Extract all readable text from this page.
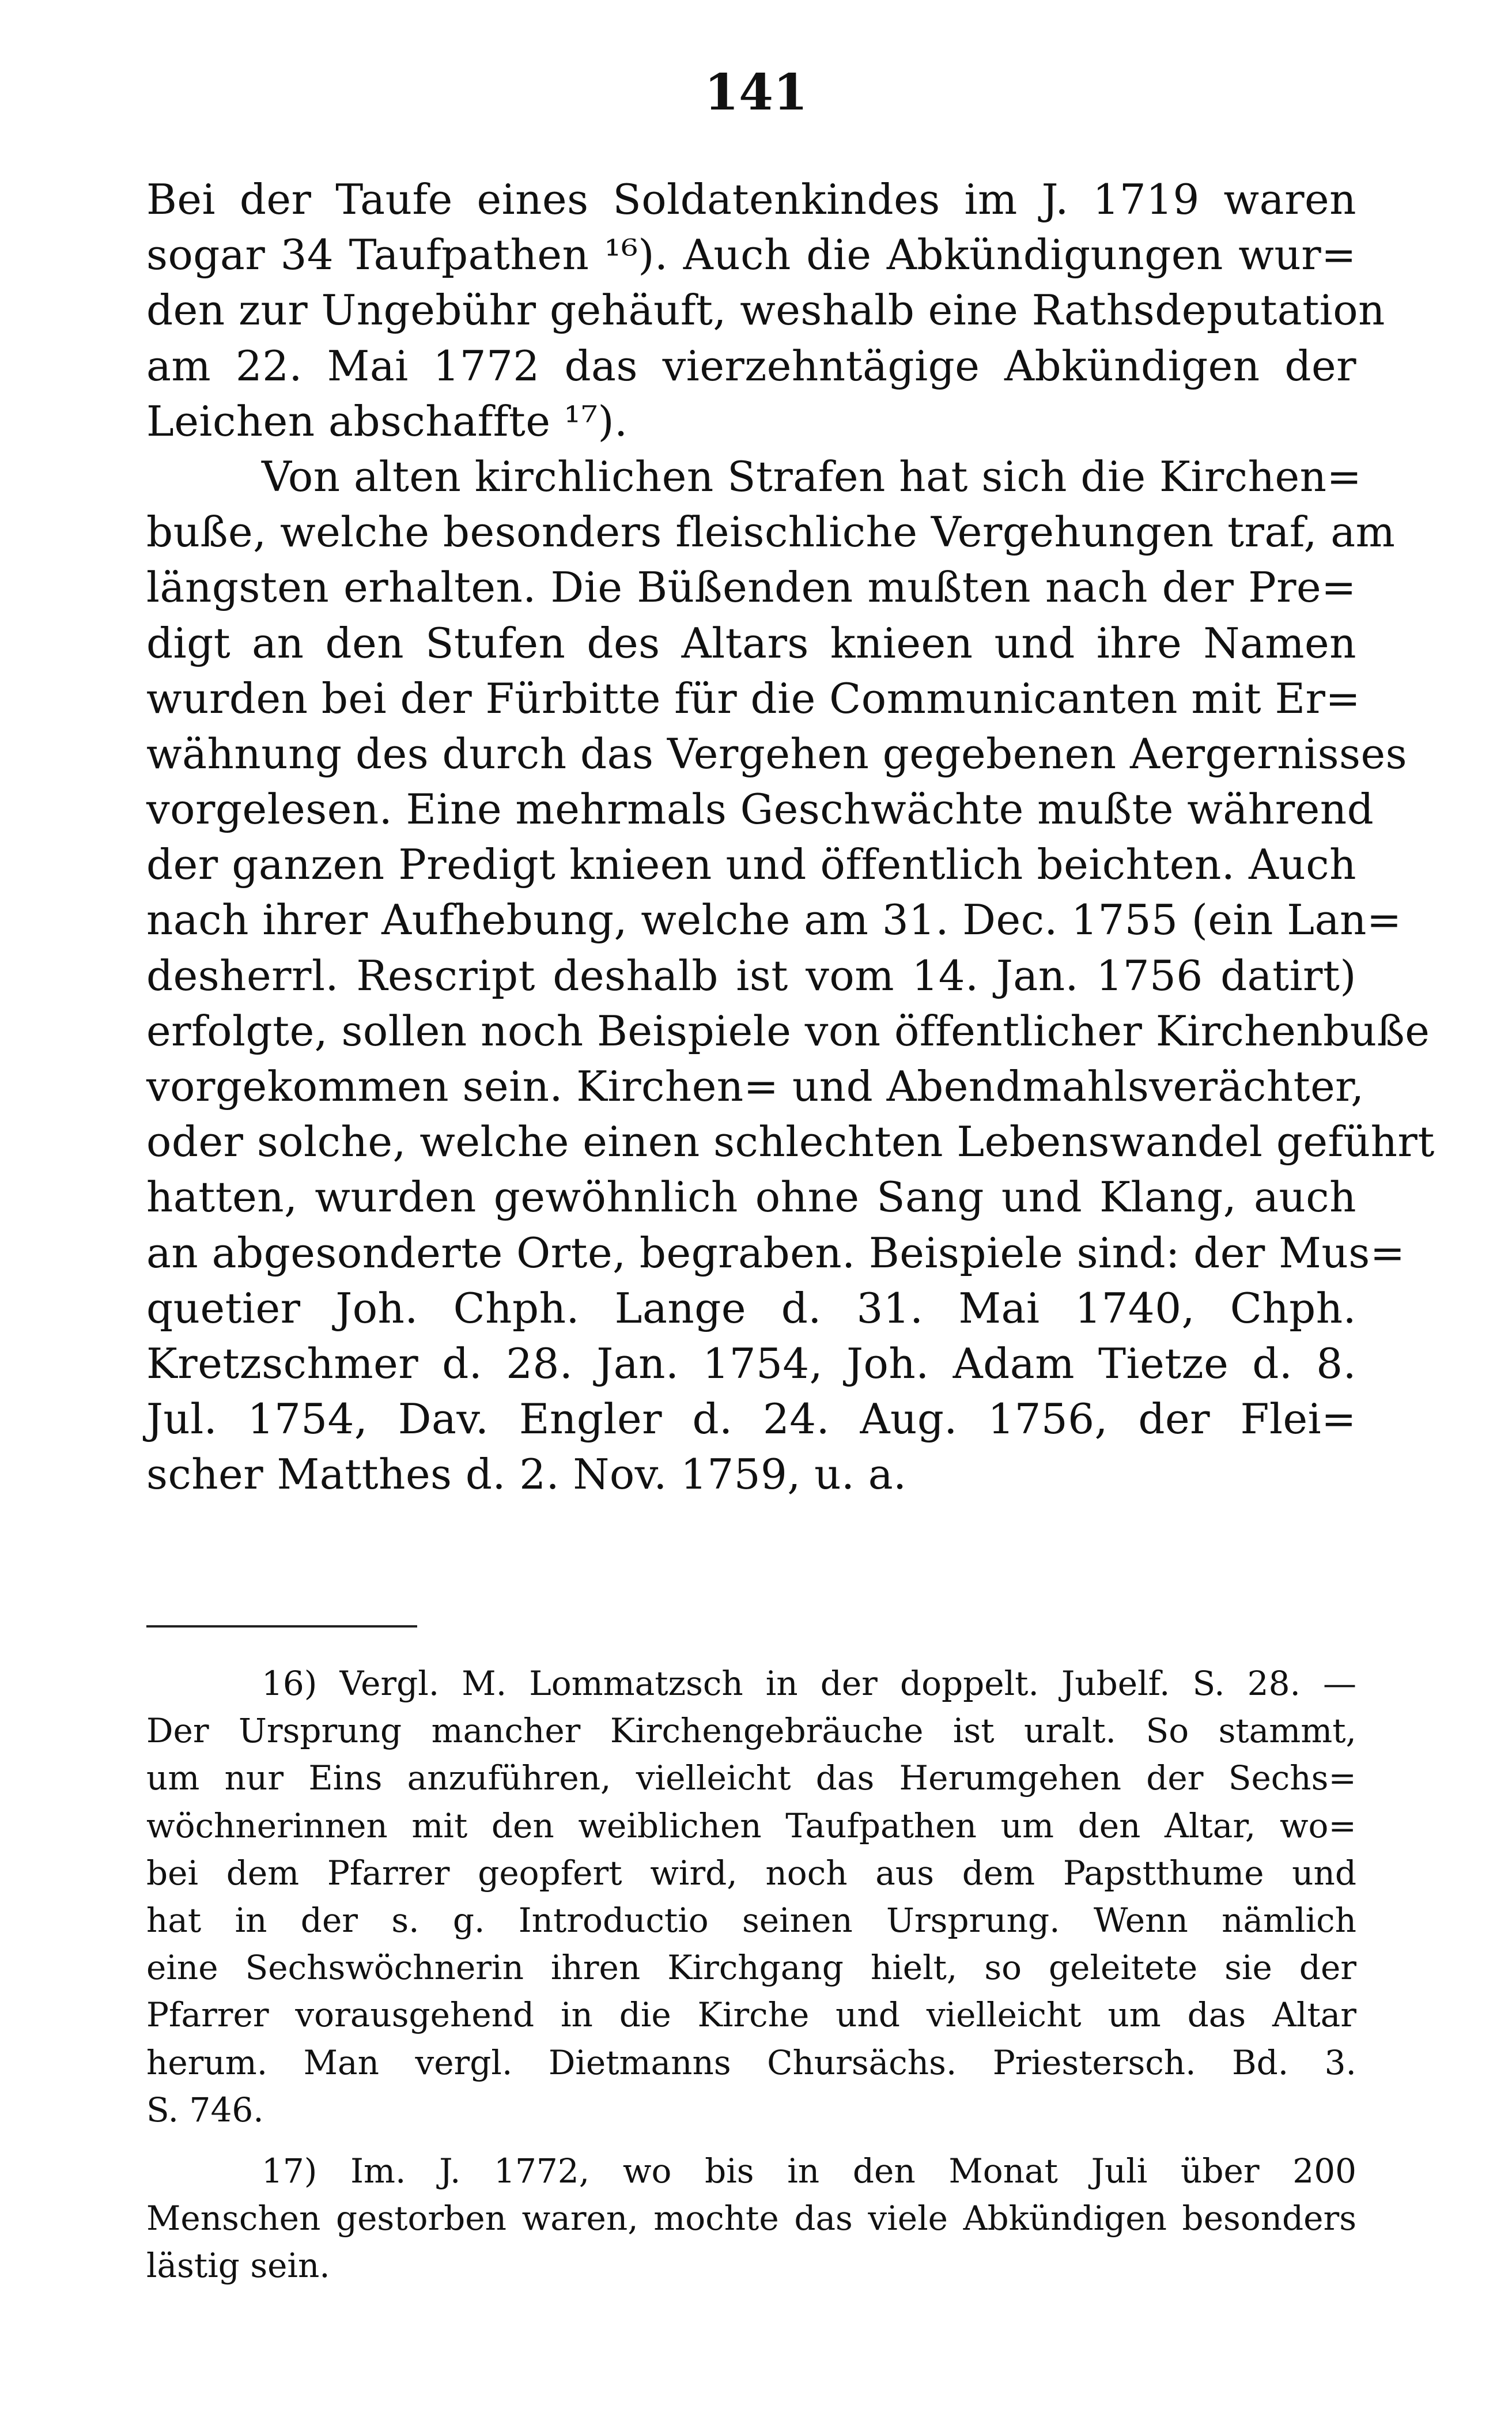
141
Bei der Taufe eines Soldatenkindes im J. 1719 waren
sogar 34 Taufpathen ¹⁶). Auch die Abkündigungen wur=
den zur Ungebühr gehäuft, weshalb eine Rathsdeputation
am 22. Mai 1772 das vierzehntägige Abkündigen der
Leichen abschaffte ¹⁷).
Von alten kirchlichen Strafen hat sich die Kirchen=
buße, welche besonders fleischliche Vergehungen traf, am
längsten erhalten. Die Büßenden mußten nach der Pre=
digt an den Stufen des Altars knieen und ihre Namen
wurden bei der Fürbitte für die Communicanten mit Er=
wähnung des durch das Vergehen gegebenen Aergernisses
vorgelesen. Eine mehrmals Geschwächte mußte während
der ganzen Predigt knieen und öffentlich beichten. Auch
nach ihrer Aufhebung, welche am 31. Dec. 1755 (ein Lan=
desherrl. Rescript deshalb ist vom 14. Jan. 1756 datirt)
erfolgte, sollen noch Beispiele von öffentlicher Kirchenbuße
vorgekommen sein. Kirchen= und Abendmahlsverächter,
oder solche, welche einen schlechten Lebenswandel geführt
hatten, wurden gewöhnlich ohne Sang und Klang, auch
an abgesonderte Orte, begraben. Beispiele sind: der Mus=
quetier Joh. Chph. Lange d. 31. Mai 1740, Chph.
Kretzschmer d. 28. Jan. 1754, Joh. Adam Tietze d. 8.
Jul. 1754, Dav. Engler d. 24. Aug. 1756, der Flei=
scher Matthes d. 2. Nov. 1759, u. a.
16) Vergl. M. Lommatzsch in der doppelt. Jubelf. S. 28. —
Der Ursprung mancher Kirchengebräuche ist uralt. So stammt,
um nur Eins anzuführen, vielleicht das Herumgehen der Sechs=
wöchnerinnen mit den weiblichen Taufpathen um den Altar, wo=
bei dem Pfarrer geopfert wird, noch aus dem Papstthume und
hat in der s. g. Introductio seinen Ursprung. Wenn nämlich
eine Sechswöchnerin ihren Kirchgang hielt, so geleitete sie der
Pfarrer vorausgehend in die Kirche und vielleicht um das Altar
herum. Man vergl. Dietmanns Chursächs. Priestersch. Bd. 3.
S. 746.
17) Im. J. 1772, wo bis in den Monat Juli über 200
Menschen gestorben waren, mochte das viele Abkündigen besonders
lästig sein.
